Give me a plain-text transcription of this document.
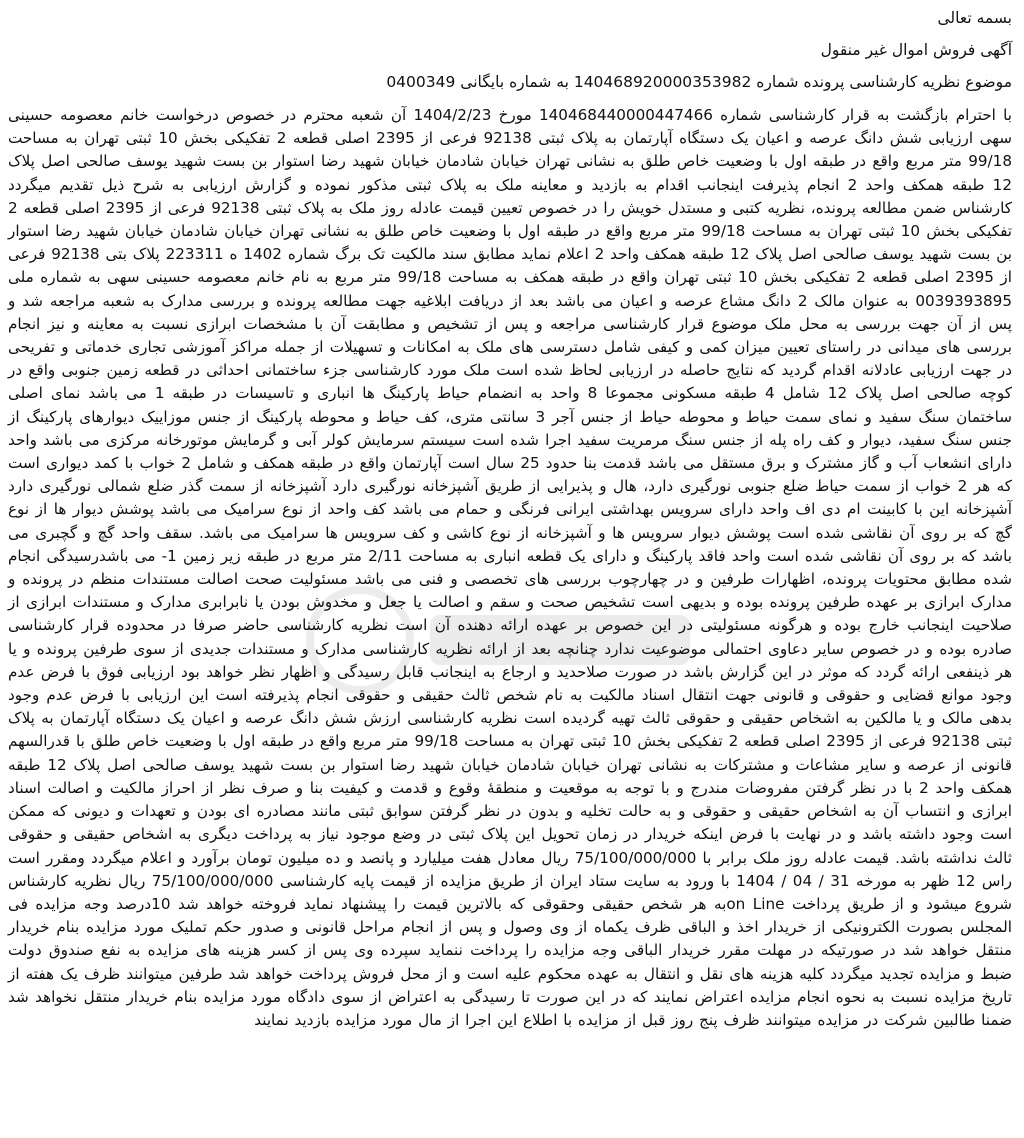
بسمه تعالی
آگهی فروش اموال غیر منقول
موضوع نظریه کارشناسی پرونده شماره 140468920000353982 به شماره بایگانی 0400349

با احترام بازگشت به قرار کارشناسی شماره 140468440000447466 مورخ 1404/2/23 آن شعبه محترم در خصوص درخواست خانم معصومه حسینی سهی ارزیابی شش دانگ عرصه و اعیان یک دستگاه آپارتمان به پلاک ثبتی 92138 فرعی از 2395 اصلی قطعه 2 تفکیکی بخش 10 ثبتی تهران به مساحت 99/18 متر مربع واقع در طبقه اول با وضعیت خاص طلق به نشانی تهران خیابان شادمان خیابان شهید رضا استوار بن بست شهید یوسف صالحی اصل پلاک 12 طبقه همکف واحد 2 انجام پذیرفت اینجانب اقدام به بازدید و معاینه ملک به پلاک ثبتی مذکور نموده و گزارش ارزیابی به شرح ذیل تقدیم میگردد کارشناس ضمن مطالعه پرونده، نظریه کتبی و مستدل خویش را در خصوص تعیین قیمت عادله روز ملک به پلاک ثبتی 92138 فرعی از 2395 اصلی قطعه 2 تفکیکی بخش 10 ثبتی تهران به مساحت 99/18 متر مربع واقع در طبقه اول با وضعیت خاص طلق به نشانی تهران خیابان شادمان خیابان شهید رضا استوار بن بست شهید یوسف صالحی اصل پلاک 12 طبقه همکف واحد 2 اعلام نماید مطابق سند مالکیت تک برگ شماره 1402 ه 223311 پلاک بتی 92138 فرعی از 2395 اصلی قطعه 2 تفکیکی بخش 10 ثبتی تهران واقع در طبقه همکف به مساحت 99/18 متر مربع به نام خانم معصومه حسینی سهی به شماره ملی 0039393895 به عنوان مالک 2 دانگ مشاع عرصه و اعیان می باشد بعد از دریافت ابلاغیه جهت مطالعه پرونده و بررسی مدارک به شعبه مراجعه شد و پس از آن جهت بررسی به محل ملک موضوع قرار کارشناسی مراجعه و پس از تشخیص و مطابقت آن با مشخصات ابرازی نسبت به معاینه و نیز انجام بررسی های میدانی در راستای تعیین میزان کمی و کیفی شامل دسترسی های ملک به امکانات و تسهیلات از جمله مراکز آموزشی تجاری خدماتی و تفریحی در جهت ارزیابی عادلانه اقدام گردید که نتایج حاصله در ارزیابی لحاظ شده است ملک مورد کارشناسی جزء ساختمانی احداثی در قطعه زمین جنوبی واقع در کوچه صالحی اصل پلاک 12 شامل 4 طبقه مسکونی مجموعا 8 واحد به انضمام حیاط پارکینگ ها انباری و تاسیسات در طبقه 1 می باشد نمای اصلی ساختمان سنگ سفید و نمای سمت حیاط و محوطه حیاط از جنس آجر 3 سانتی متری، کف حیاط و محوطه پارکینگ از جنس موزاییک دیوارهای پارکینگ از جنس سنگ سفید، دیوار و کف راه پله از جنس سنگ مرمریت سفید اجرا شده است سیستم سرمایش کولر آبی و گرمایش موتورخانه مرکزی می باشد واحد دارای انشعاب آب و گاز مشترک و برق مستقل می باشد قدمت بنا حدود 25 سال است آپارتمان واقع در طبقه همکف و شامل 2 خواب با کمد دیواری است که هر 2 خواب از سمت حیاط ضلع جنوبی نورگیری دارد، هال و پذیرایی از طریق آشپزخانه نورگیری دارد آشپزخانه از سمت گذر ضلع شمالی نورگیری دارد آشپزخانه این با کابینت ام دی اف واحد دارای سرویس بهداشتی ایرانی فرنگی و حمام می باشد کف واحد از نوع سرامیک می باشد پوشش دیوار ها از نوع گچ که بر روی آن نقاشی شده است پوشش دیوار سرویس ها و آشپزخانه از نوع کاشی و کف سرویس ها سرامیک می باشد. سقف واحد گچ و گچبری می باشد که بر روی آن نقاشی شده است واحد فاقد پارکینگ و دارای یک قطعه انباری به مساحت 2/11 متر مربع در طبقه زیر زمین 1- می باشدرسیدگی انجام شده مطابق محتویات پرونده، اظهارات طرفین و در چهارچوب بررسی های تخصصی و فنی می باشد مسئولیت صحت اصالت مستندات منظم در پرونده و مدارک ابرازی بر عهده طرفین پرونده بوده و بدیهی است تشخیص صحت و سقم و اصالت یا جعل و مخدوش بودن یا نابرابری مدارک و مستندات ابرازی از صلاحیت اینجانب خارج بوده و هرگونه مسئولیتی در این خصوص بر عهده ارائه دهنده آن است نظریه کارشناسی حاضر صرفا در محدوده قرار کارشناسی صادره بوده و در خصوص سایر دعاوی احتمالی موضوعیت ندارد چنانچه بعد از ارائه نظریه کارشناسی مدارک و مستندات جدیدی از سوی طرفین پرونده و یا هر ذینفعی ارائه گردد که موثر در این گزارش باشد در صورت صلاحدید و ارجاع به اینجانب قابل رسیدگی و اظهار نظر خواهد بود ارزیابی فوق با فرض عدم وجود موانع قضایی و حقوقی و قانونی جهت انتقال اسناد مالکیت به نام شخص ثالث حقیقی و حقوقی انجام پذیرفته است این ارزیابی با فرض عدم وجود بدهی مالک و یا مالکین به اشخاص حقیقی و حقوقی ثالث تهیه گردیده است نظریه کارشناسی ارزش شش دانگ عرصه و اعیان یک دستگاه آپارتمان به پلاک ثبتی 92138 فرعی از 2395 اصلی قطعه 2 تفکیکی بخش 10 ثبتی تهران به مساحت 99/18 متر مربع واقع در طبقه اول با وضعیت خاص طلق با قدرالسهم قانونی از عرصه و سایر مشاعات و مشترکات به نشانی تهران خیابان شادمان خیابان شهید رضا استوار بن بست شهید یوسف صالحی اصل پلاک 12 طبقه همکف واحد 2 با در نظر گرفتن مفروضات مندرج و با توجه به موقعیت و منطقهٔ وقوع و قدمت و کیفیت بنا و صرف نظر از احراز مالکیت و اصالت اسناد ابرازی و انتساب آن به اشخاص حقیقی و حقوقی و به حالت تخلیه و بدون در نظر گرفتن سوابق ثبتی مانند مصادره ای بودن و تعهدات و دیونی که ممکن است وجود داشته باشد و در نهایت با فرض اینکه خریدار در زمان تحویل این پلاک ثبتی در وضع موجود نیاز به پرداخت دیگری به اشخاص حقیقی و حقوقی ثالث نداشته باشد. قیمت عادله روز ملک برابر با 75/100/000/000 ریال معادل هفت میلیارد و پانصد و ده میلیون تومان برآورد و اعلام میگردد ومقرر است راس 12 ظهر به مورخه 31 / 04 / 1404 با ورود به سایت ستاد ایران از طریق مزایده از قیمت پایه کارشناسی 75/100/000/000 ریال نظریه کارشناس شروع میشود و از طریق پرداخت on Lineبه هر شخص حقیقی وحقوقی که بالاترین قیمت را پیشنهاد نماید فروخته خواهد شد 10درصد وجه مزایده فی المجلس بصورت الکترونیکی از خریدار اخذ و الباقی ظرف یکماه از وی وصول و پس از انجام مراحل قانونی و صدور حکم تملیک مورد مزایده بنام خریدار منتقل خواهد شد در صورتیکه در مهلت مقرر خریدار الباقی وجه مزایده را پرداخت ننماید سپرده وی پس از کسر هزینه های مزایده به نفع صندوق دولت ضبط و مزایده تجدید میگردد کلیه هزینه های نقل و انتقال به عهده محکوم علیه است و از محل فروش پرداخت خواهد شد طرفین میتوانند ظرف یک هفته از تاریخ مزایده نسبت به نحوه انجام مزایده اعتراض نمایند که در این صورت تا رسیدگی به اعتراض از سوی دادگاه مورد مزایده بنام خریدار منتقل نخواهد شد ضمنا طالبین شرکت در مزایده میتوانند ظرف پنج روز قبل از مزایده با اطلاع این اجرا از مال مورد مزایده بازدید نمایند
